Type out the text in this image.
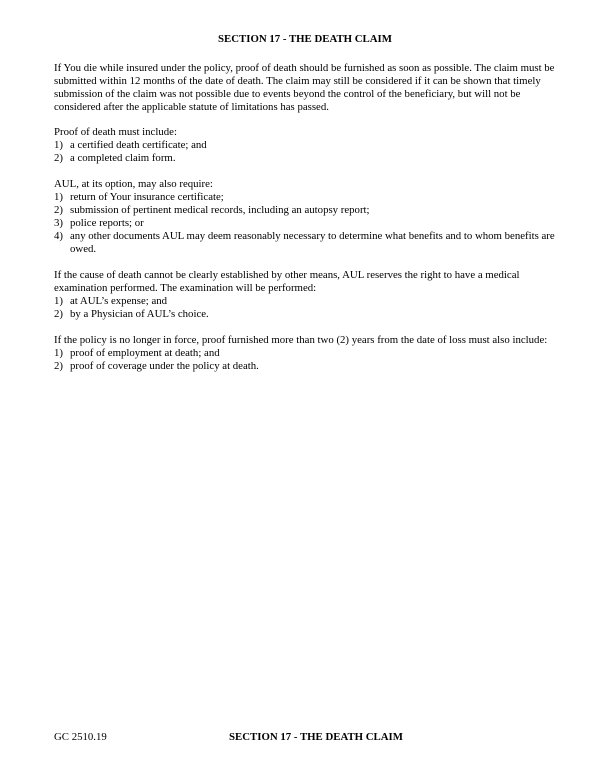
SECTION 17 - THE DEATH CLAIM

If You die while insured under the policy, proof of death should be furnished as soon as possible. The claim must be submitted within 12 months of the date of death. The claim may still be considered if it can be shown that timely submission of the claim was not possible due to events beyond the control of the beneficiary, but will not be considered after the applicable statute of limitations has passed.

Proof of death must include:

1) a certified death certificate; and
2) a completed claim form.

AUL, at its option, may also require:

1) return of Your insurance certificate;
2) submission of pertinent medical records, including an autopsy report;
3) police reports; or
4) any other documents AUL may deem reasonably necessary to determine what benefits and to whom benefits are owed.

If the cause of death cannot be clearly established by other means, AUL reserves the right to have a medical examination performed. The examination will be performed:

1) at AUL’s expense; and
2) by a Physician of AUL’s choice.

If the policy is no longer in force, proof furnished more than two (2) years from the date of loss must also include:

1) proof of employment at death; and
2) proof of coverage under the policy at death.
GC 2510.19	SECTION 17 - THE DEATH CLAIM
